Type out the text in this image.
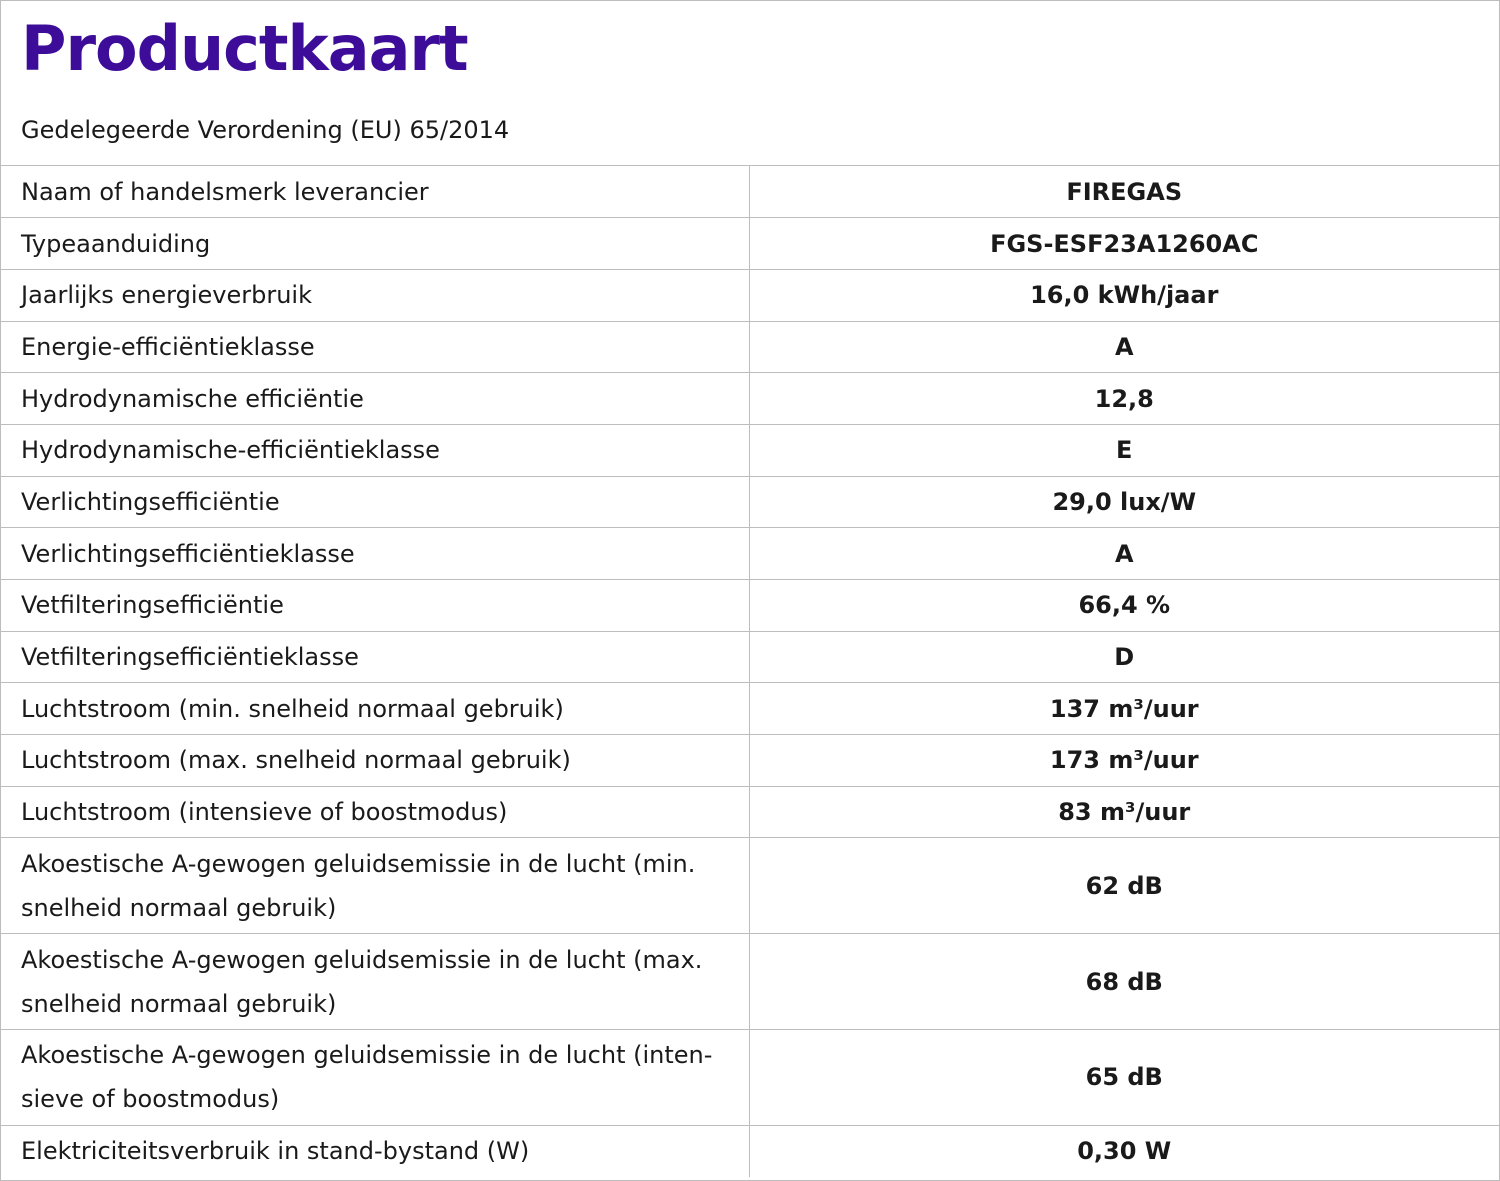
Productkaart

Gedelegeerde Verordening (EU) 65/2014

Naam of handelsmerk leverancier	FIREGAS
Typeaanduiding	FGS-ESF23A1260AC
Jaarlijks energieverbruik	16,0 kWh/jaar
Energie-efficiëntieklasse	A
Hydrodynamische efficiëntie	12,8
Hydrodynamische-efficiëntieklasse	E
Verlichtingsefficiëntie	29,0 lux/W
Verlichtingsefficiëntieklasse	A
Vetfilteringsefficiëntie	66,4 %
Vetfilteringsefficiëntieklasse	D
Luchtstroom (min. snelheid normaal gebruik)	137 m³/uur
Luchtstroom (max. snelheid normaal gebruik)	173 m³/uur
Luchtstroom (intensieve of boostmodus)	83 m³/uur
Akoestische A-gewogen geluidsemissie in de lucht (min. snelheid normaal gebruik)	62 dB
Akoestische A-gewogen geluidsemissie in de lucht (max. snelheid normaal gebruik)	68 dB
Akoestische A-gewogen geluidsemissie in de lucht (inten-sieve of boostmodus)	65 dB
Elektriciteitsverbruik in stand-bystand (W)	0,30 W
